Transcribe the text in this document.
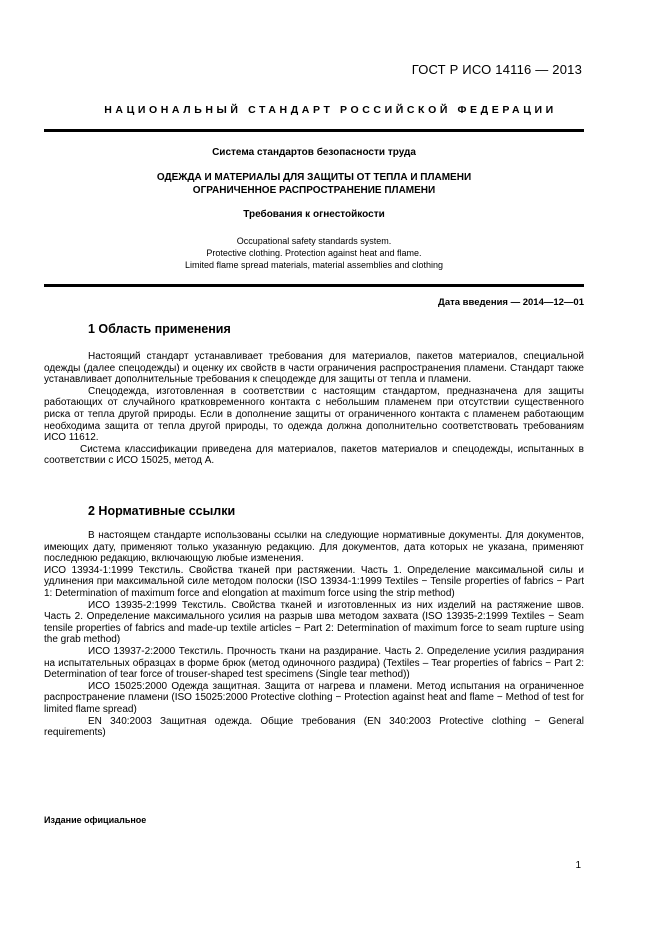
ГОСТ Р ИСО 14116 — 2013
НАЦИОНАЛЬНЫЙ СТАНДАРТ РОССИЙСКОЙ ФЕДЕРАЦИИ
Система стандартов безопасности труда
ОДЕЖДА И МАТЕРИАЛЫ ДЛЯ ЗАЩИТЫ ОТ ТЕПЛА И ПЛАМЕНИ
ОГРАНИЧЕННОЕ РАСПРОСТРАНЕНИЕ ПЛАМЕНИ
Требования к огнестойкости
Occupational safety standards system.
Protective clothing. Protection against heat and flame.
Limited flame spread materials, material assemblies and clothing
Дата введения — 2014—12—01
1 Область применения

Настоящий стандарт устанавливает требования для материалов, пакетов материалов, специальной одежды (далее спецодежды) и оценку их свойств в части ограничения распространения пламени. Стандарт также устанавливает дополнительные требования к спецодежде для защиты от тепла и пламени.

Спецодежда, изготовленная в соответствии с настоящим стандартом, предназначена для защиты работающих от случайного кратковременного контакта с небольшим пламенем при отсутствии существенного риска от тепла другой природы. Если в дополнение защиты от ограниченного контакта с пламенем работающим необходима защита от тепла другой природы, то одежда должна дополнительно соответствовать требованиям ИСО 11612.

Система классификации приведена для материалов, пакетов материалов и спецодежды, испытанных в соответствии с ИСО 15025, метод А.

2 Нормативные ссылки

В настоящем стандарте использованы ссылки на следующие нормативные документы. Для документов, имеющих дату, применяют только указанную редакцию. Для документов, дата которых не указана, применяют последнюю редакцию, включающую любые изменения.

ИСО 13934-1:1999 Текстиль. Свойства тканей при растяжении. Часть 1. Определение максимальной силы и удлинения при максимальной силе методом полоски (ISO 13934-1:1999 Textiles − Tensile properties of fabrics − Part 1: Determination of maximum force and elongation at maximum force using the strip method)

ИСО 13935-2:1999 Текстиль. Свойства тканей и изготовленных из них изделий на растяжение швов. Часть 2. Определение максимального усилия на разрыв шва методом захвата (ISO 13935-2:1999 Textiles − Seam tensile properties of fabrics and made-up textile articles − Part 2: Determination of maximum force to seam rupture using the grab method)

ИСО 13937-2:2000 Текстиль. Прочность ткани на раздирание. Часть 2. Определение усилия раздирания на испытательных образцах в форме брюк (метод одиночного раздира) (Textiles – Tear properties of fabrics − Part 2: Determination of tear force of trouser-shaped test specimens (Single tear method))

ИСО 15025:2000 Одежда защитная. Защита от нагрева и пламени. Метод испытания на ограниченное распространение пламени (ISO 15025:2000 Protective clothing − Protection against heat and flame − Method of test for limited flame spread)

EN 340:2003 Защитная одежда. Общие требования (EN 340:2003 Protective clothing − General requirements)

Издание официальное
1
